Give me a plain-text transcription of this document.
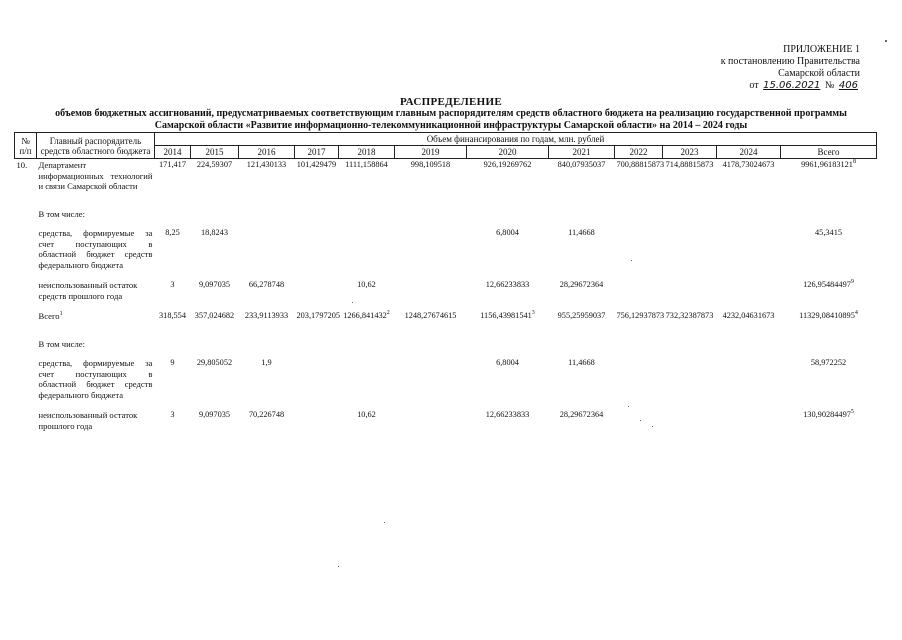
ПРИЛОЖЕНИЕ 1
к постановлению Правительства
Самарской области
от 15.06.2021 № 406
РАСПРЕДЕЛЕНИЕ
объемов бюджетных ассигнований, предусматриваемых соответствующим главным распорядителям средств областного бюджета на реализацию государственной программы
Самарской области «Развитие информационно-телекоммуникационной инфраструктуры Самарской области» на 2014 – 2024 годы
№ п/п	Главный распорядитель средств областного бюджета	Объем финансирования по годам, млн. рублей											
		2014	2015	2016	2017	2018	2019	2020	2021	2022	2023	2024	Всего
10.	Департамент информационных технологий и связи Самарской области	171,417	224,59307	121,430133	101,429479	1111,158864	998,109518	926,19269762	840,07935037	700,88815873	714,88815873	4178,73024673	9961,96183121$^8$

	В том числе:												
	средства, формируемые за счет поступающих в областной бюджет средств федерального бюджета	8,25	18,8243					6,8004	11,4668				45,3415

	неиспользованный остаток средств прошлого года	3	9,097035	66,278748		10,62		12,66233833	28,29672364				126,95484497$^9$

	Всего$^1$	318,554	357,024682	233,9113933	203,1797205	1266,841432$^2$	1248,27674615	1156,43981541$^3$	955,25959037	756,12937873	732,32387873	4232,04631673	11329,08410895$^4$

	В том числе:												
	средства, формируемые за счет поступающих в областной бюджет средств федерального бюджета	9	29,805052	1,9				6,8004	11,4668				58,972252

	неиспользованный остаток прошлого года	3	9,097035	70,226748		10,62		12,66233833	28,29672364				130,90284497$^5$
